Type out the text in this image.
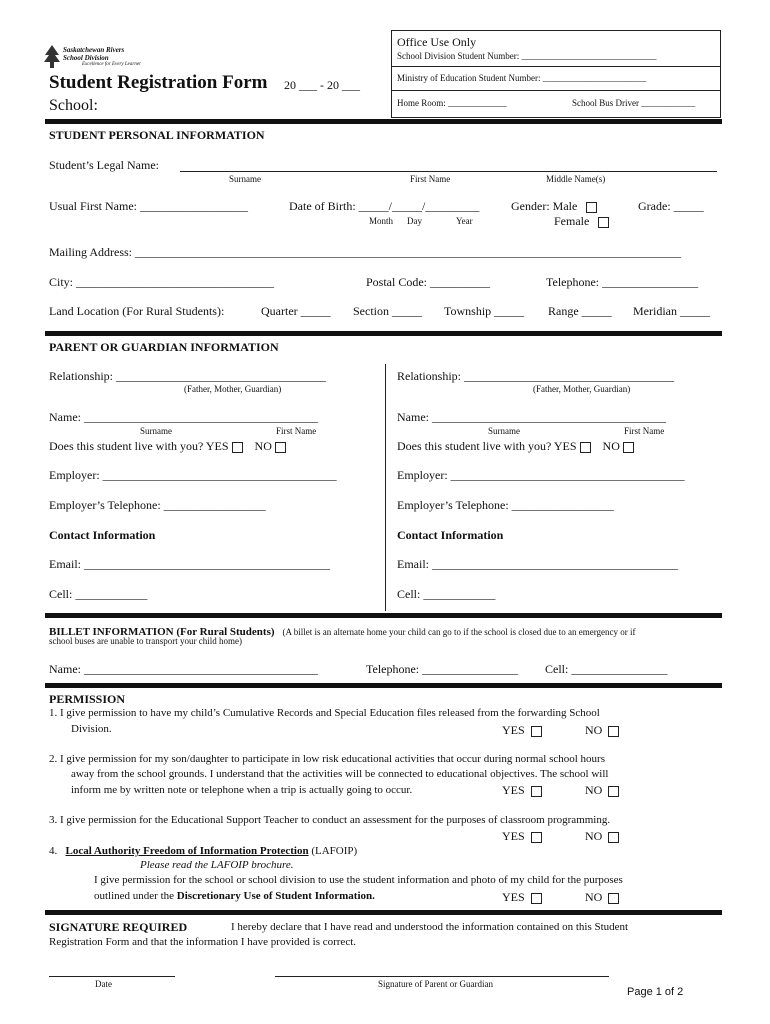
Saskatchewan Rivers
School Division
Excellence for Every Learner
Student Registration Form 20 ___ - 20 ___
School:
Office Use Only
School Division Student Number: ______________________________
Ministry of Education Student Number: _______________________
Home Room: _____________	School Bus Driver ____________
STUDENT PERSONAL INFORMATION
Student’s Legal Name:
Surname	First Name	Middle Name(s)
Usual First Name: __________________	Date of Birth: _____/_____/_________
Month Day	Year
Gender: Male
Female
Grade: _____
Mailing Address: ___________________________________________________________________________________________
City: _________________________________	Postal Code: __________	Telephone: ________________
Land Location (For Rural Students):	Quarter _____ Section _____ Township _____ Range _____ Meridian _____
PARENT OR GUARDIAN INFORMATION
Relationship: ___________________________________
(Father, Mother, Guardian)
Name: _______________________________________
Surname	First Name
Does this student live with you? YES NO
Employer: _______________________________________
Employer’s Telephone: _________________
Contact Information
Email: _________________________________________
Cell: ____________
Relationship: ___________________________________
(Father, Mother, Guardian)
Name: _______________________________________
Surname	First Name
Does this student live with you? YES NO
Employer: _______________________________________
Employer’s Telephone: _________________
Contact Information
Email: _________________________________________
Cell: ____________
BILLET INFORMATION (For Rural Students) (A billet is an alternate home your child can go to if the school is closed due to an emergency or if
school buses are unable to transport your child home)
Name: _______________________________________	Telephone: ________________ Cell: ________________
PERMISSION
1. I give permission to have my child’s Cumulative Records and Special Education files released from the forwarding School
Division.	YES	NO
2. I give permission for my son/daughter to participate in low risk educational activities that occur during normal school hours
away from the school grounds. I understand that the activities will be connected to educational objectives. The school will
inform me by written note or telephone when a trip is actually going to occur.	YES	NO
3. I give permission for the Educational Support Teacher to conduct an assessment for the purposes of classroom programming.
YES	NO
4. Local Authority Freedom of Information Protection (LAFOIP)
Please read the LAFOIP brochure.
I give permission for the school or school division to use the student information and photo of my child for the purposes
outlined under the Discretionary Use of Student Information.	YES	NO
SIGNATURE REQUIRED	I hereby declare that I have read and understood the information contained on this Student
Registration Form and that the information I have provided is correct.
Date	Signature of Parent or Guardian
Page 1 of 2
